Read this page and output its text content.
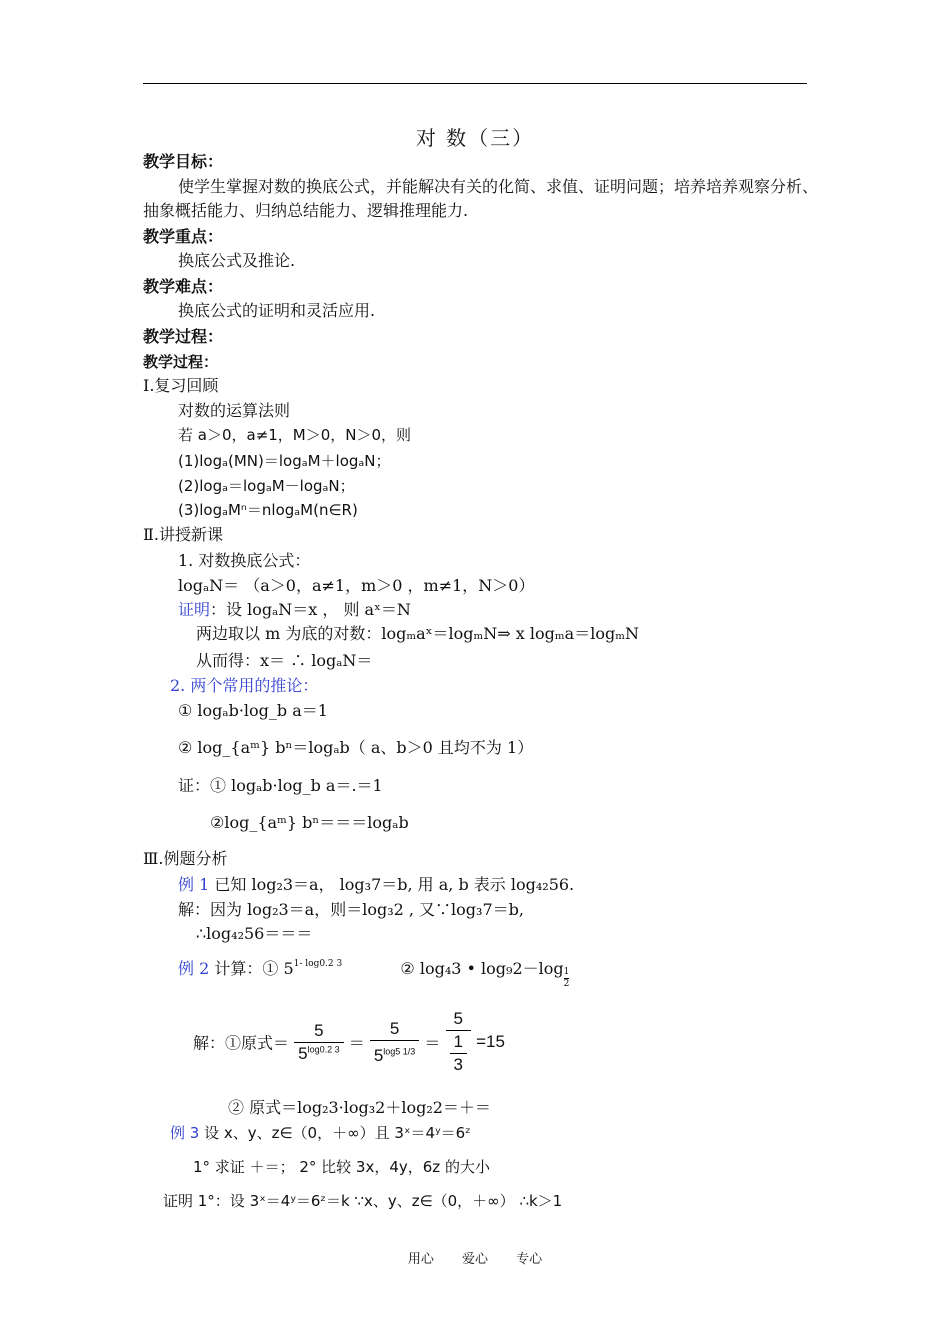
对 数（三）
教学目标：
使学生掌握对数的换底公式，并能解决有关的化简、求值、证明问题；培养培养观察分析、
抽象概括能力、归纳总结能力、逻辑推理能力.
教学重点：
换底公式及推论.
教学难点：
换底公式的证明和灵活应用.
教学过程：
教学过程：
Ⅰ.复习回顾
对数的运算法则
若 a＞0，a≠1，M＞0，N＞0，则
(1)logₐ(MN)＝logₐM＋logₐN；
(2)logₐ＝logₐM－logₐN；
(3)logₐMⁿ＝nlogₐM(n∈R)
Ⅱ.讲授新课
1. 对数换底公式：
logₐN＝ （a＞0，a≠1，m＞0 ，m≠1，N＞0）
证明：设 logₐN＝x ， 则 aˣ＝N
两边取以 m 为底的对数：logₘaˣ＝logₘN⇒ x logₘa＝logₘN
从而得：x＝ ∴ logₐN＝
2. 两个常用的推论：
① logₐb·log_b a＝1
② log_{aᵐ} bⁿ＝logₐb（ a、b＞0 且均不为 1）
证：① logₐb·log_b a＝.＝1
②log_{aᵐ} bⁿ＝＝＝logₐb
Ⅲ.例题分析
例 1 已知 log₂3＝a， log₃7＝b, 用 a, b 表示 log₄₂56.
解：因为 log₂3＝a，则＝log₃2 , 又∵log₃7＝b,
∴log₄₂56＝＝＝
例 2 计算：① $5^{1- log0.2 3}$	② log₄3 • $\log_92-\log \frac{1}{2}$
解：①原式＝ $\frac{5}{5^{log0.2 3}} = \frac{5}{5^{log5 1/3}} = \frac{5}{\frac{1}{3}} =15$
② 原式＝log₂3·log₃2＋log₂2＝＋＝
例 3 设 x、y、z∈（0，＋∞）且 3ˣ＝4ʸ＝6ᶻ
1° 求证 ＋＝； 2° 比较 3x，4y，6z 的大小
证明 1°：设 3ˣ＝4ʸ＝6ᶻ＝k ∵x、y、z∈（0，＋∞） ∴k＞1
用心 爱心 专心
